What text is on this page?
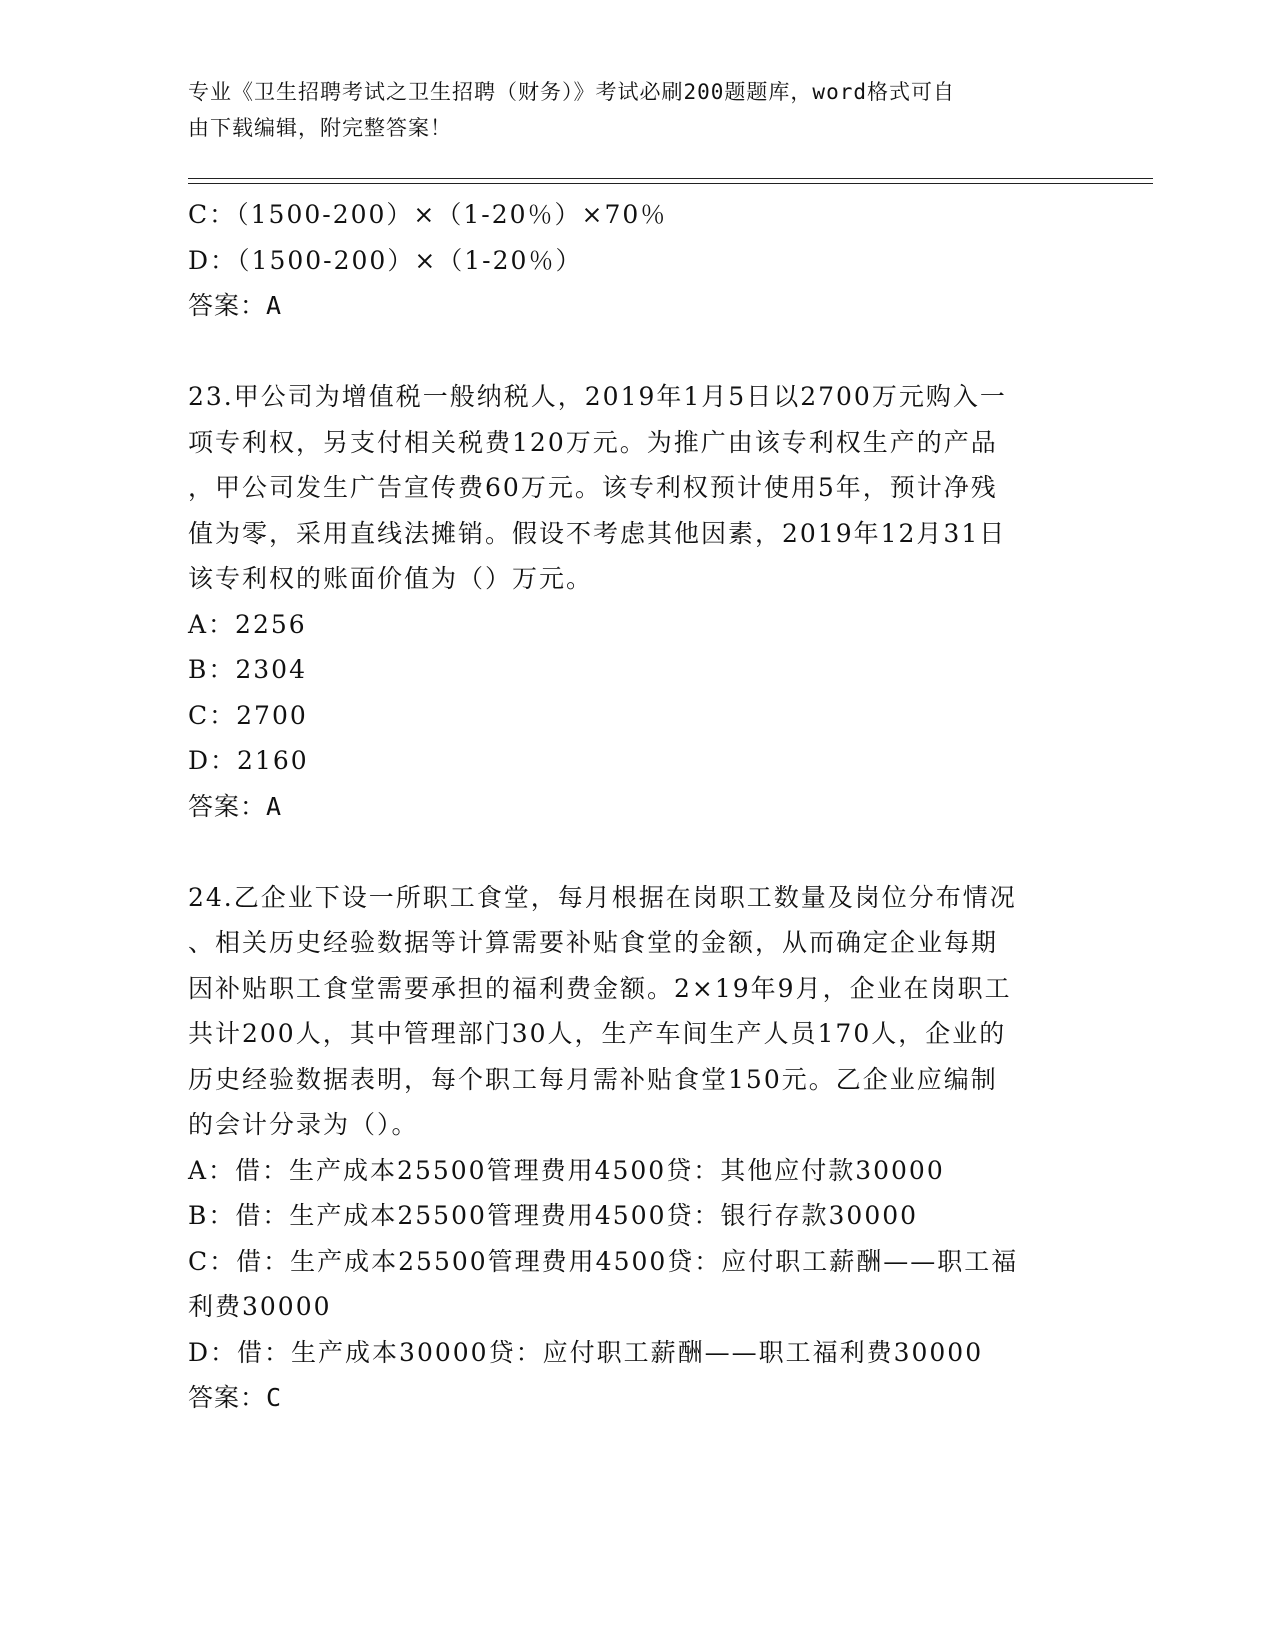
专业《卫生招聘考试之卫生招聘（财务）》考试必刷200题题库，word格式可自
由下载编辑，附完整答案！
C：（1500-200）×（1-20％）×70％
D：（1500-200）×（1-20％）
答案：A
23.甲公司为增值税一般纳税人，2019年1月5日以2700万元购入一
项专利权，另支付相关税费120万元。为推广由该专利权生产的产品
，甲公司发生广告宣传费60万元。该专利权预计使用5年，预计净残
值为零，采用直线法摊销。假设不考虑其他因素，2019年12月31日
该专利权的账面价值为（）万元。
A：2256
B：2304
C：2700
D：2160
答案：A
24.乙企业下设一所职工食堂，每月根据在岗职工数量及岗位分布情况
、相关历史经验数据等计算需要补贴食堂的金额，从而确定企业每期
因补贴职工食堂需要承担的福利费金额。2×19年9月，企业在岗职工
共计200人，其中管理部门30人，生产车间生产人员170人，企业的
历史经验数据表明，每个职工每月需补贴食堂150元。乙企业应编制
的会计分录为（）。
A：借：生产成本25500管理费用4500贷：其他应付款30000
B：借：生产成本25500管理费用4500贷：银行存款30000
C：借：生产成本25500管理费用4500贷：应付职工薪酬——职工福
利费30000
D：借：生产成本30000贷：应付职工薪酬——职工福利费30000
答案：C
